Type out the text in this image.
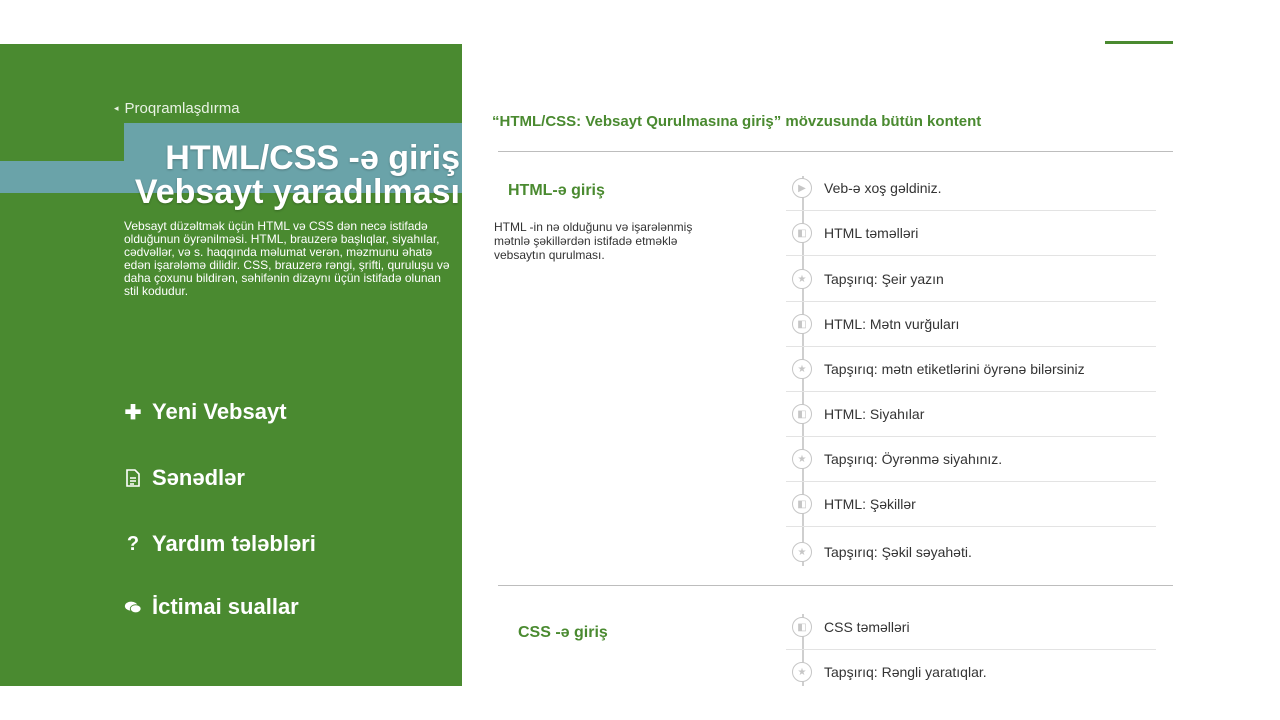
◂ Proqramlaşdırma
HTML/CSS -ə giriş
Vebsayt yaradılması
Vebsayt düzəltmək üçün HTML və CSS dən necə istifadə olduğunun öyrənilməsi. HTML, brauzerə başlıqlar, siyahılar, cədvəllər, və s. haqqında məlumat verən, məzmunu əhatə edən işarələmə dilidir. CSS, brauzerə rəngi, şrifti, quruluşu və daha çoxunu bildirən, səhifənin dizaynı üçün istifadə olunan stil kodudur.
✚ Yeni Vebsayt
Sənədlər
? Yardım tələbləri
İctimai suallar
“HTML/CSS: Vebsayt Qurulmasına giriş” mövzusunda bütün kontent
HTML-ə giriş
HTML -in nə olduğunu və işarələnmiş mətnlə şəkillərdən istifadə etməklə vebsaytın qurulması.
▶	Veb-ə xoş gəldiniz.
◧	HTML təməlləri
★	Tapşırıq: Şeir yazın
◧	HTML: Mətn vurğuları
★	Tapşırıq: mətn etiketlərini öyrənə bilərsiniz
◧	HTML: Siyahılar
★	Tapşırıq: Öyrənmə siyahınız.
◧	HTML: Şəkillər
★	Tapşırıq: Şəkil səyahəti.
CSS -ə giriş	◧	CSS təməlləri
★	Tapşırıq: Rəngli yaratıqlar.
